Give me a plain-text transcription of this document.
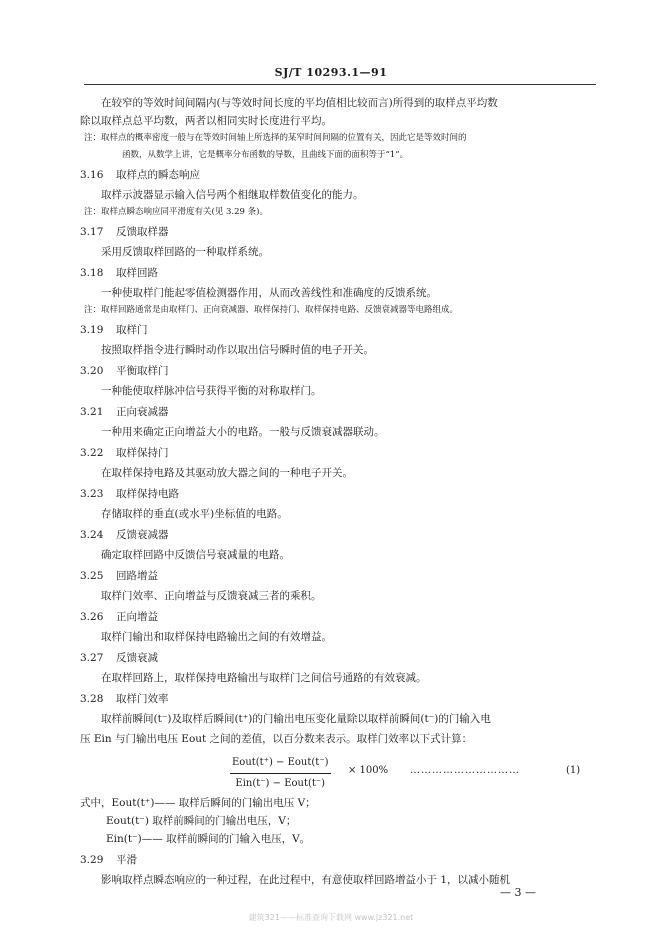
SJ/T 10293.1—91

在较窄的等效时间间隔内(与等效时间长度的平均值相比较而言)所得到的取样点平均数

除以取样点总平均数，两者以相同实时长度进行平均。

注：取样点的概率密度一般与在等效时间轴上所选择的某窄时间间隔的位置有关，因此它是等效时间的

函数，从数学上讲，它是概率分布函数的导数，且曲线下面的面积等于“1”。

3.16 取样点的瞬态响应

取样示波器显示输入信号两个相继取样数值变化的能力。

注：取样点瞬态响应同平滑度有关(见 3.29 条)。

3.17 反馈取样器

采用反馈取样回路的一种取样系统。

3.18 取样回路

一种使取样门能起零值检测器作用，从而改善线性和准确度的反馈系统。

注：取样回路通常是由取样门、正向衰减器、取样保持门、取样保持电路、反馈衰减器等电路组成。

3.19 取样门

按照取样指令进行瞬时动作以取出信号瞬时值的电子开关。

3.20 平衡取样门

一种能使取样脉冲信号获得平衡的对称取样门。

3.21 正向衰减器

一种用来确定正向增益大小的电路。一般与反馈衰减器联动。

3.22 取样保持门

在取样保持电路及其驱动放大器之间的一种电子开关。

3.23 取样保持电路

存储取样的垂直(或水平)坐标值的电路。

3.24 反馈衰减器

确定取样回路中反馈信号衰减量的电路。

3.25 回路增益

取样门效率、正向增益与反馈衰减三者的乘积。

3.26 正向增益

取样门输出和取样保持电路输出之间的有效增益。

3.27 反馈衰减

在取样回路上，取样保持电路输出与取样门之间信号通路的有效衰减。

3.28 取样门效率

取样前瞬间(t⁻)及取样后瞬间(t⁺)的门输出电压变化量除以取样前瞬间(t⁻)的门输入电

压 Ein 与门输出电压 Eout 之间的差值，以百分数来表示。取样门效率以下式计算：

Eout(t⁺) − Eout(t⁻)
Ein(t⁻) − Eout(t⁻)
× 100% …………………………	(1)

式中，Eout(t⁺)—— 取样后瞬间的门输出电压 V；

Eout(t⁻) 取样前瞬间的门输出电压，V；

Ein(t⁻)—— 取样前瞬间的门输入电压，V。

3.29 平滑

影响取样点瞬态响应的一种过程，在此过程中，有意使取样回路增益小于 1，以减小随机

— 3 —
建筑321——标准查询下载网 www.jz321.net
